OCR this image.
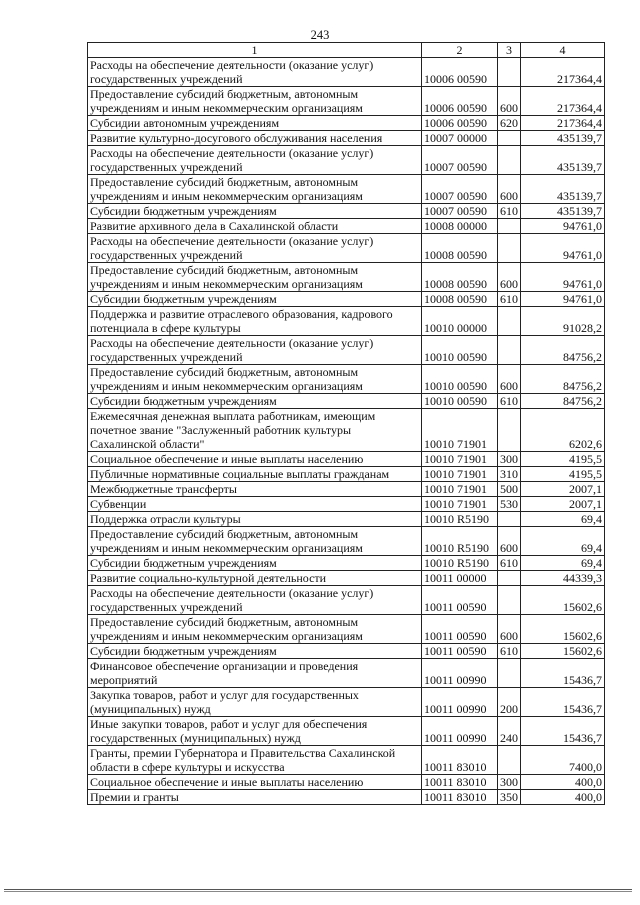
243
1	2	3	4
Расходы на обеспечение деятельности (оказание услуг)
государственных учреждений	10006 00590		217364,4
Предоставление субсидий бюджетным, автономным
учреждениям и иным некоммерческим организациям	10006 00590	600	217364,4
Субсидии автономным учреждениям	10006 00590	620	217364,4
Развитие культурно-досугового обслуживания населения	10007 00000		435139,7
Расходы на обеспечение деятельности (оказание услуг)
государственных учреждений	10007 00590		435139,7
Предоставление субсидий бюджетным, автономным
учреждениям и иным некоммерческим организациям	10007 00590	600	435139,7
Субсидии бюджетным учреждениям	10007 00590	610	435139,7
Развитие архивного дела в Сахалинской области	10008 00000		94761,0
Расходы на обеспечение деятельности (оказание услуг)
государственных учреждений	10008 00590		94761,0
Предоставление субсидий бюджетным, автономным
учреждениям и иным некоммерческим организациям	10008 00590	600	94761,0
Субсидии бюджетным учреждениям	10008 00590	610	94761,0
Поддержка и развитие отраслевого образования, кадрового
потенциала в сфере культуры	10010 00000		91028,2
Расходы на обеспечение деятельности (оказание услуг)
государственных учреждений	10010 00590		84756,2
Предоставление субсидий бюджетным, автономным
учреждениям и иным некоммерческим организациям	10010 00590	600	84756,2
Субсидии бюджетным учреждениям	10010 00590	610	84756,2
Ежемесячная денежная выплата работникам, имеющим
почетное звание "Заслуженный работник культуры
Сахалинской области"	10010 71901		6202,6
Социальное обеспечение и иные выплаты населению	10010 71901	300	4195,5
Публичные нормативные социальные выплаты гражданам	10010 71901	310	4195,5
Межбюджетные трансферты	10010 71901	500	2007,1
Субвенции	10010 71901	530	2007,1
Поддержка отрасли культуры	10010 R5190		69,4
Предоставление субсидий бюджетным, автономным
учреждениям и иным некоммерческим организациям	10010 R5190	600	69,4
Субсидии бюджетным учреждениям	10010 R5190	610	69,4
Развитие социально-культурной деятельности	10011 00000		44339,3
Расходы на обеспечение деятельности (оказание услуг)
государственных учреждений	10011 00590		15602,6
Предоставление субсидий бюджетным, автономным
учреждениям и иным некоммерческим организациям	10011 00590	600	15602,6
Субсидии бюджетным учреждениям	10011 00590	610	15602,6
Финансовое обеспечение организации и проведения
мероприятий	10011 00990		15436,7
Закупка товаров, работ и услуг для государственных
(муниципальных) нужд	10011 00990	200	15436,7
Иные закупки товаров, работ и услуг для обеспечения
государственных (муниципальных) нужд	10011 00990	240	15436,7
Гранты, премии Губернатора и Правительства Сахалинской
области в сфере культуры и искусства	10011 83010		7400,0
Социальное обеспечение и иные выплаты населению	10011 83010	300	400,0
Премии и гранты	10011 83010	350	400,0
